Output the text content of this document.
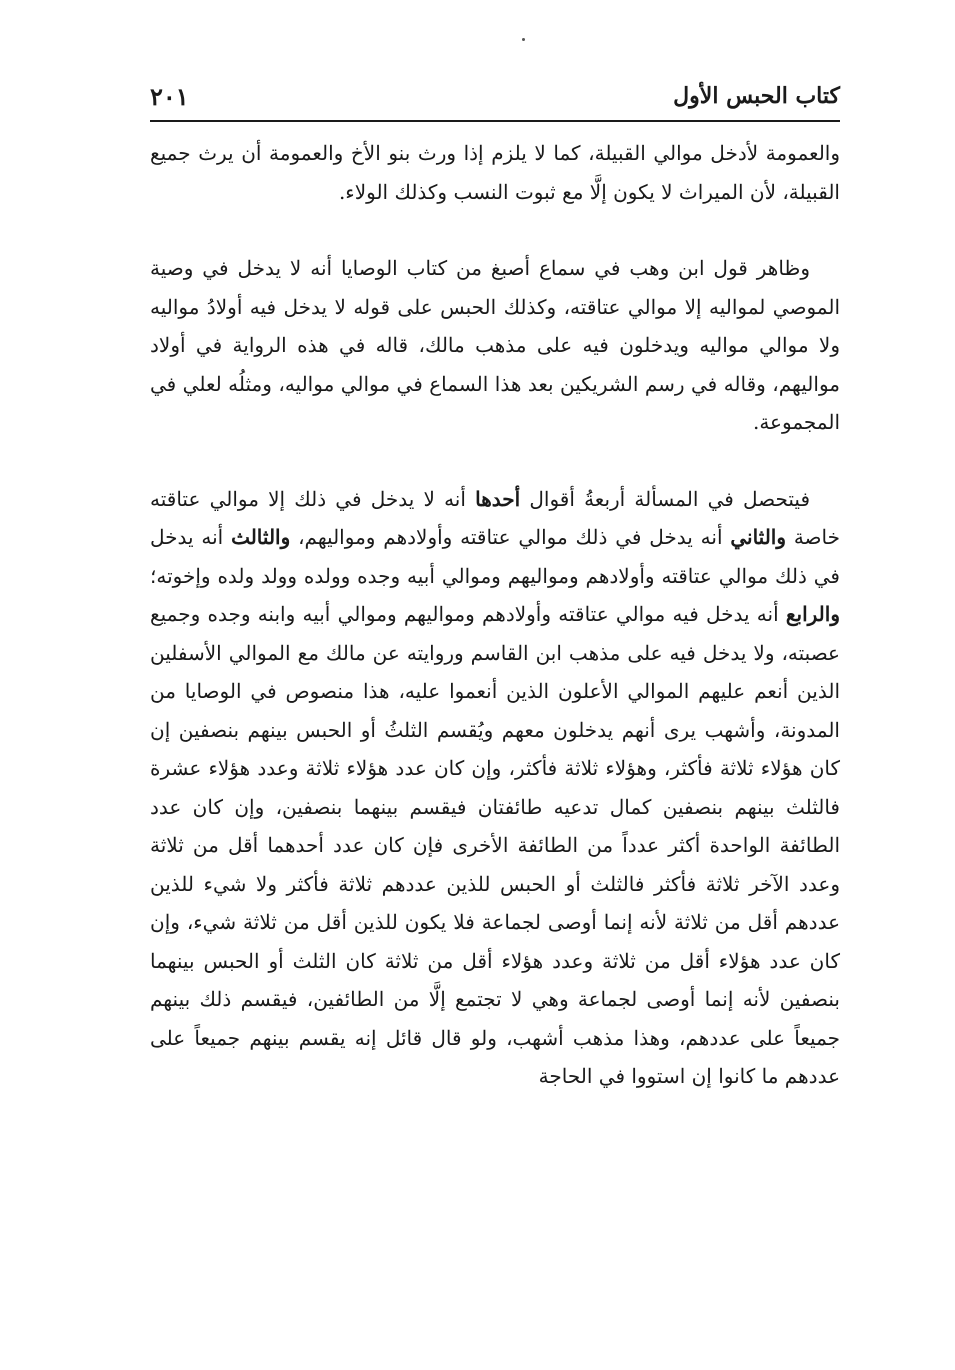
كتاب الحبس الأول
٢٠١

والعمومة لأدخل موالي القبيلة، كما لا يلزم إذا ورث بنو الأخ والعمومة أن يرث جميع القبيلة، لأن الميراث لا يكون إلَّا مع ثبوت النسب وكذلك الولاء.

وظاهر قول ابن وهب في سماع أصبغ من كتاب الوصايا أنه لا يدخل في وصية الموصي لمواليه إلا موالي عتاقته، وكذلك الحبس على قوله لا يدخل فيه أولادُ مواليه ولا موالي مواليه ويدخلون فيه على مذهب مالك، قاله في هذه الرواية في أولاد مواليهم، وقاله في رسم الشريكين بعد هذا السماع في موالي مواليه، ومثلُه لعلي في المجموعة.

فيتحصل في المسألة أربعةُ أقوال أحدها أنه لا يدخل في ذلك إلا موالي عتاقته خاصة والثاني أنه يدخل في ذلك موالي عتاقته وأولادهم ومواليهم، والثالث أنه يدخل في ذلك موالي عتاقته وأولادهم ومواليهم وموالي أبيه وجده وولده وولد ولده وإخوته؛ والرابع أنه يدخل فيه موالي عتاقته وأولادهم ومواليهم وموالي أبيه وابنه وجده وجميع عصبته، ولا يدخل فيه على مذهب ابن القاسم وروايته عن مالك مع الموالي الأسفلين الذين أنعم عليهم الموالي الأعلون الذين أنعموا عليه، هذا منصوص في الوصايا من المدونة، وأشهب يرى أنهم يدخلون معهم ويُقسم الثلثُ أو الحبس بينهم بنصفين إن كان هؤلاء ثلاثة فأكثر، وهؤلاء ثلاثة فأكثر، وإن كان عدد هؤلاء ثلاثة وعدد هؤلاء عشرة فالثلث بينهم بنصفين كمال تدعيه طائفتان فيقسم بينهما بنصفين، وإن كان عدد الطائفة الواحدة أكثر عدداً من الطائفة الأخرى فإن كان عدد أحدهما أقل من ثلاثة وعدد الآخر ثلاثة فأكثر فالثلث أو الحبس للذين عددهم ثلاثة فأكثر ولا شيء للذين عددهم أقل من ثلاثة لأنه إنما أوصى لجماعة فلا يكون للذين أقل من ثلاثة شيء، وإن كان عدد هؤلاء أقل من ثلاثة وعدد هؤلاء أقل من ثلاثة كان الثلث أو الحبس بينهما بنصفين لأنه إنما أوصى لجماعة وهي لا تجتمع إلَّا من الطائفين، فيقسم ذلك بينهم جميعاً على عددهم، وهذا مذهب أشهب، ولو قال قائل إنه يقسم بينهم جميعاً على عددهم ما كانوا إن استووا في الحاجة
